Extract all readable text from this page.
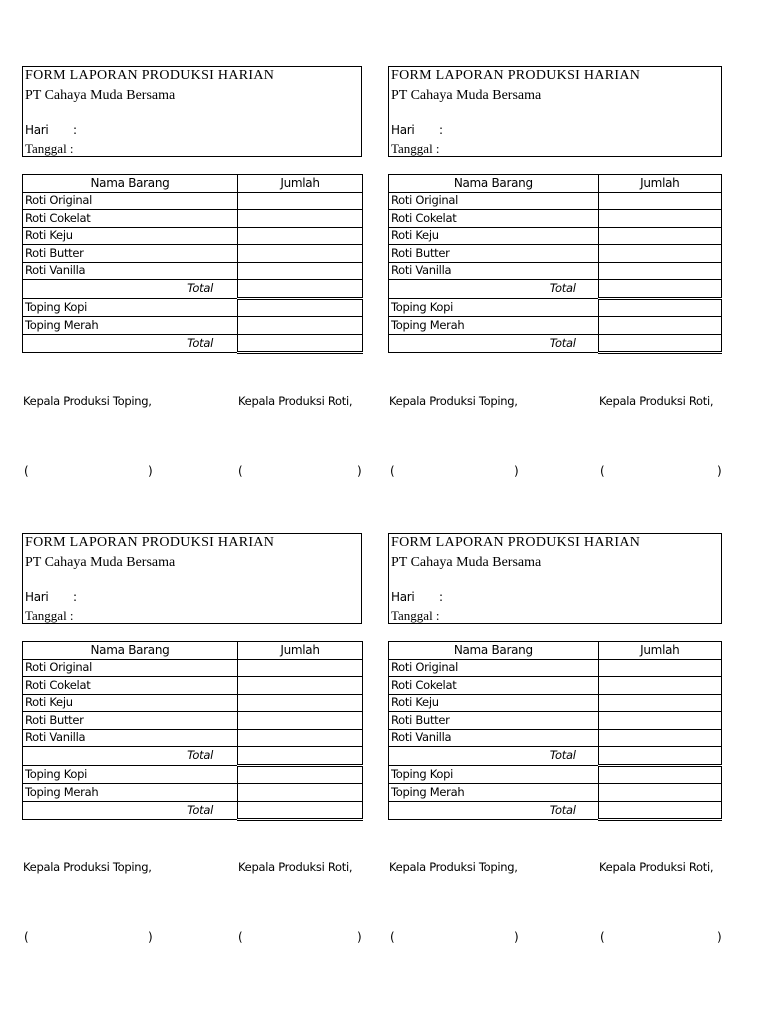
FORM LAPORAN PRODUKSI HARIAN
PT Cahaya Muda Bersama
Hari :
Tanggal :
Nama Barang	Jumlah
Roti Original	
Roti Cokelat	
Roti Keju	
Roti Butter	
Roti Vanilla	
Total	
Toping Kopi	
Toping Merah	
Total	
Kepala Produksi Toping,	Kepala Produksi Roti,
(	)	(	)
FORM LAPORAN PRODUKSI HARIAN
PT Cahaya Muda Bersama
Hari :
Tanggal :
Nama Barang	Jumlah
Roti Original	
Roti Cokelat	
Roti Keju	
Roti Butter	
Roti Vanilla	
Total	
Toping Kopi	
Toping Merah	
Total	
Kepala Produksi Toping,	Kepala Produksi Roti,
(	)	(	)
FORM LAPORAN PRODUKSI HARIAN
PT Cahaya Muda Bersama
Hari :
Tanggal :
Nama Barang	Jumlah
Roti Original	
Roti Cokelat	
Roti Keju	
Roti Butter	
Roti Vanilla	
Total	
Toping Kopi	
Toping Merah	
Total	
Kepala Produksi Toping,	Kepala Produksi Roti,
(	)	(	)
FORM LAPORAN PRODUKSI HARIAN
PT Cahaya Muda Bersama
Hari :
Tanggal :
Nama Barang	Jumlah
Roti Original	
Roti Cokelat	
Roti Keju	
Roti Butter	
Roti Vanilla	
Total	
Toping Kopi	
Toping Merah	
Total	
Kepala Produksi Toping,	Kepala Produksi Roti,
(	)	(	)
